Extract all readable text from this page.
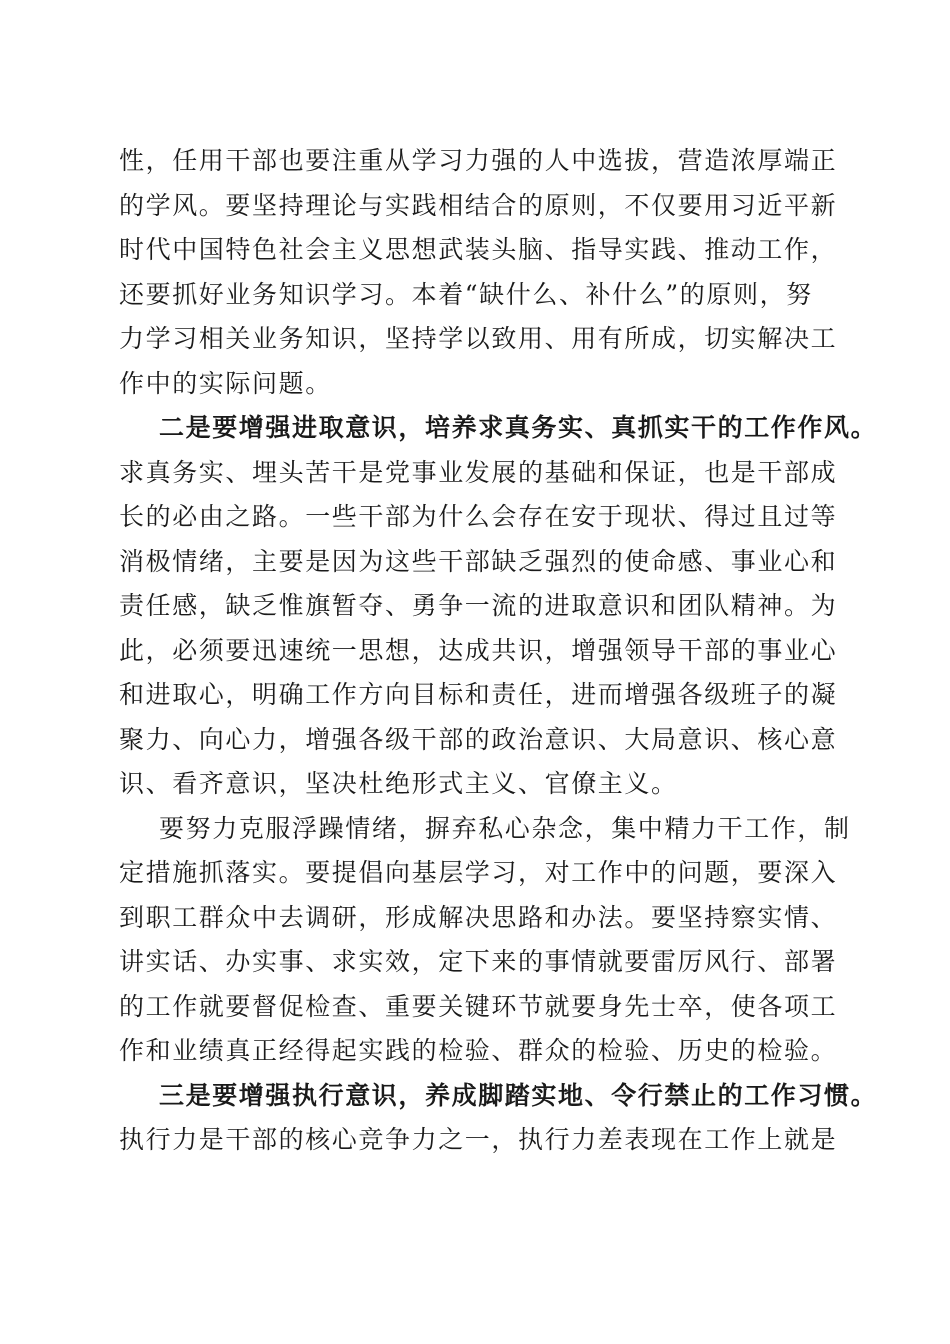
性，任用干部也要注重从学习力强的人中选拔，营造浓厚端正
的学风。要坚持理论与实践相结合的原则，不仅要用习近平新
时代中国特色社会主义思想武装头脑、指导实践、推动工作，
还要抓好业务知识学习。本着“缺什么、补什么”的原则，努
力学习相关业务知识，坚持学以致用、用有所成，切实解决工
作中的实际问题。
二是要增强进取意识，培养求真务实、真抓实干的工作作风。
求真务实、埋头苦干是党事业发展的基础和保证，也是干部成
长的必由之路。一些干部为什么会存在安于现状、得过且过等
消极情绪，主要是因为这些干部缺乏强烈的使命感、事业心和
责任感，缺乏惟旗暂夺、勇争一流的进取意识和团队精神。为
此，必须要迅速统一思想，达成共识，增强领导干部的事业心
和进取心，明确工作方向目标和责任，进而增强各级班子的凝
聚力、向心力，增强各级干部的政治意识、大局意识、核心意
识、看齐意识，坚决杜绝形式主义、官僚主义。
要努力克服浮躁情绪，摒弃私心杂念，集中精力干工作，制
定措施抓落实。要提倡向基层学习，对工作中的问题，要深入
到职工群众中去调研，形成解决思路和办法。要坚持察实情、
讲实话、办实事、求实效，定下来的事情就要雷厉风行、部署
的工作就要督促检查、重要关键环节就要身先士卒，使各项工
作和业绩真正经得起实践的检验、群众的检验、历史的检验。
三是要增强执行意识，养成脚踏实地、令行禁止的工作习惯。
执行力是干部的核心竞争力之一，执行力差表现在工作上就是
